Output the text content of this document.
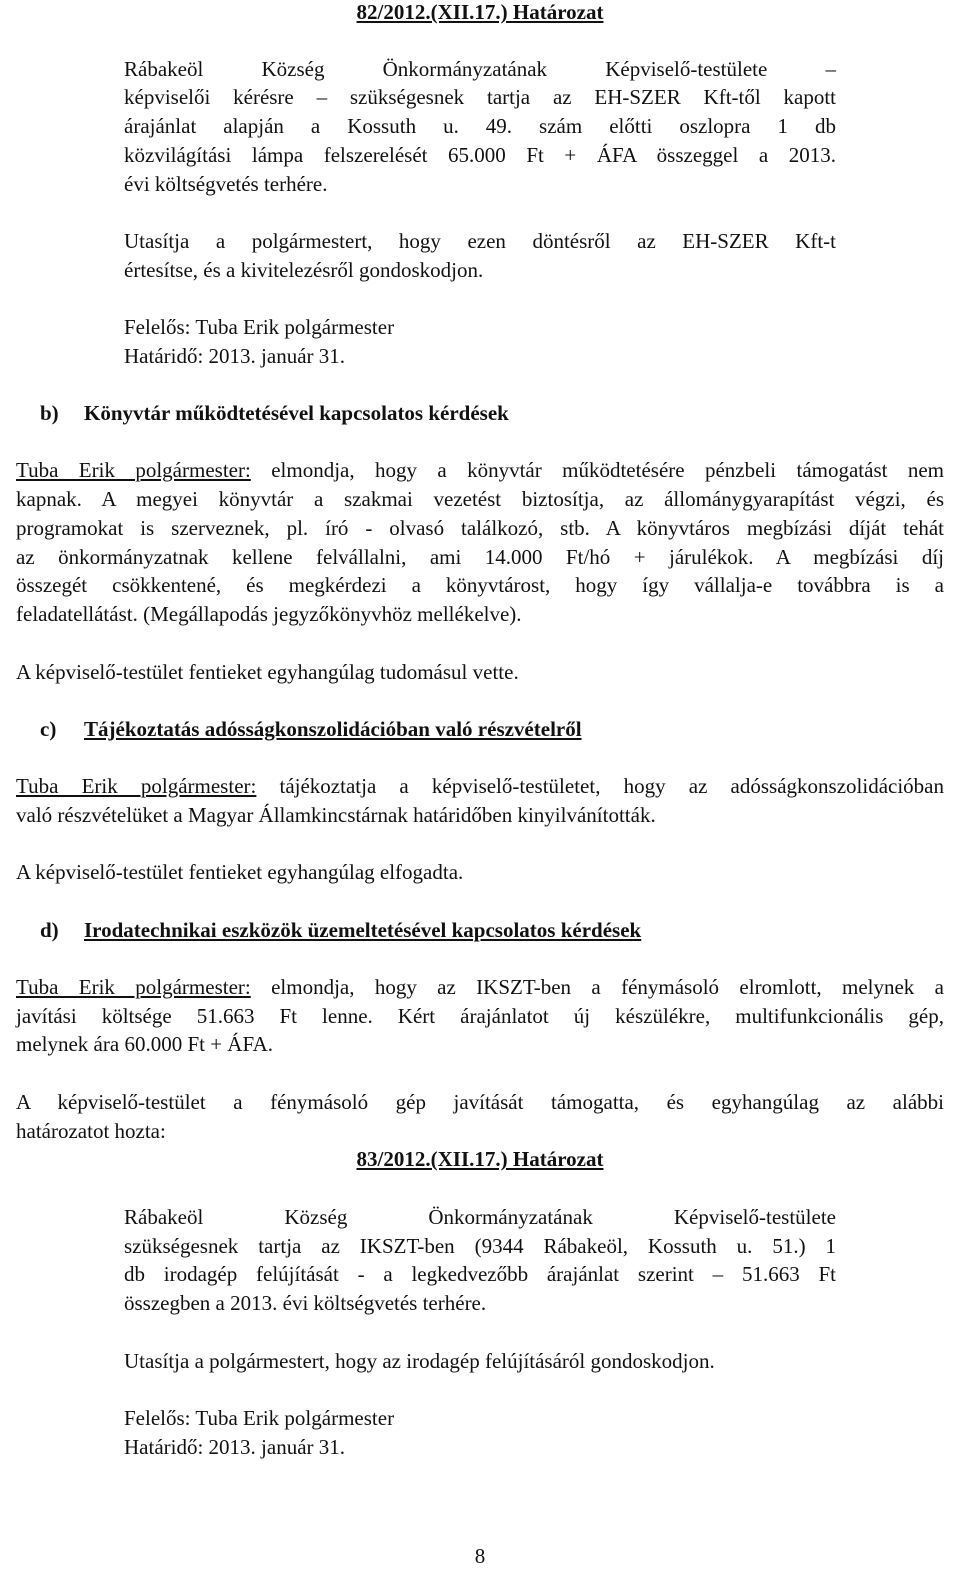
82/2012.(XII.17.) Határozat
Rábakeöl Község Önkormányzatának Képviselő-testülete –
képviselői kérésre – szükségesnek tartja az EH-SZER Kft-től kapott
árajánlat alapján a Kossuth u. 49. szám előtti oszlopra 1 db
közvilágítási lámpa felszerelését 65.000 Ft + ÁFA összeggel a 2013.
évi költségvetés terhére.
Utasítja a polgármestert, hogy ezen döntésről az EH-SZER Kft-t
értesítse, és a kivitelezésről gondoskodjon.
Felelős: Tuba Erik polgármester
Határidő: 2013. január 31.
b) Könyvtár működtetésével kapcsolatos kérdések
Tuba Erik polgármester: elmondja, hogy a könyvtár működtetésére pénzbeli támogatást nem
kapnak. A megyei könyvtár a szakmai vezetést biztosítja, az állománygyarapítást végzi, és
programokat is szerveznek, pl. író - olvasó találkozó, stb. A könyvtáros megbízási díját tehát
az önkormányzatnak kellene felvállalni, ami 14.000 Ft/hó + járulékok. A megbízási díj
összegét csökkentené, és megkérdezi a könyvtárost, hogy így vállalja-e továbbra is a
feladatellátást. (Megállapodás jegyzőkönyvhöz mellékelve).
A képviselő-testület fentieket egyhangúlag tudomásul vette.
c) Tájékoztatás adósságkonszolidációban való részvételről
Tuba Erik polgármester: tájékoztatja a képviselő-testületet, hogy az adósságkonszolidációban
való részvételüket a Magyar Államkincstárnak határidőben kinyilvánították.
A képviselő-testület fentieket egyhangúlag elfogadta.
d) Irodatechnikai eszközök üzemeltetésével kapcsolatos kérdések
Tuba Erik polgármester: elmondja, hogy az IKSZT-ben a fénymásoló elromlott, melynek a
javítási költsége 51.663 Ft lenne. Kért árajánlatot új készülékre, multifunkcionális gép,
melynek ára 60.000 Ft + ÁFA.
A képviselő-testület a fénymásoló gép javítását támogatta, és egyhangúlag az alábbi
határozatot hozta:
83/2012.(XII.17.) Határozat
Rábakeöl Község Önkormányzatának Képviselő-testülete
szükségesnek tartja az IKSZT-ben (9344 Rábakeöl, Kossuth u. 51.) 1
db irodagép felújítását - a legkedvezőbb árajánlat szerint – 51.663 Ft
összegben a 2013. évi költségvetés terhére.
Utasítja a polgármestert, hogy az irodagép felújításáról gondoskodjon.
Felelős: Tuba Erik polgármester
Határidő: 2013. január 31.
8
